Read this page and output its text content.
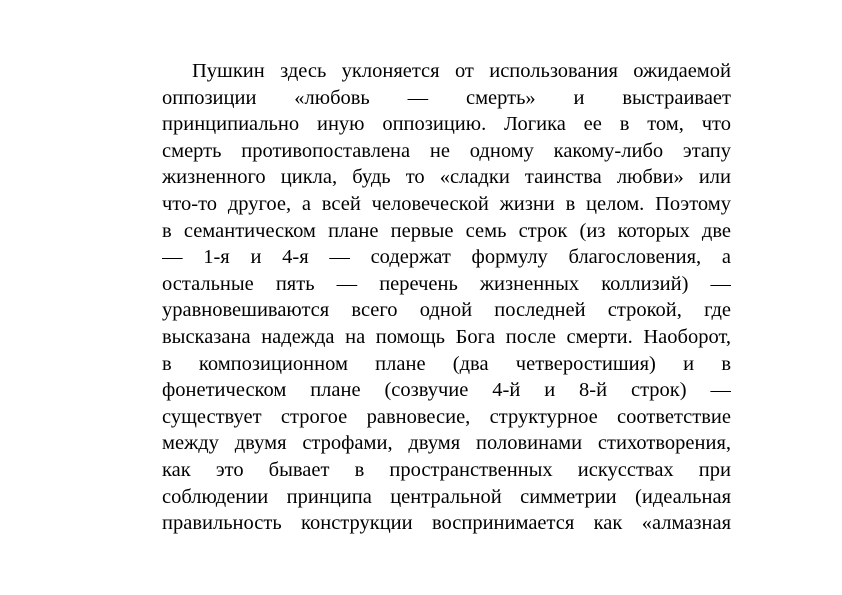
Пушкин здесь уклоняется от использования ожидаемой
оппозиции «любовь — смерть» и выстраивает
принципиально иную оппозицию. Логика ее в том, что
смерть противопоставлена не одному какому-либо этапу
жизненного цикла, будь то «сладки таинства любви» или
что-то другое, а всей человеческой жизни в целом. Поэтому
в семантическом плане первые семь строк (из которых две
— 1-я и 4-я — содержат формулу благословения, а
остальные пять — перечень жизненных коллизий) —
уравновешиваются всего одной последней строкой, где
высказана надежда на помощь Бога после смерти. Наоборот,
в композиционном плане (два четверостишия) и в
фонетическом плане (созвучие 4-й и 8-й строк) —
существует строгое равновесие, структурное соответствие
между двумя строфами, двумя половинами стихотворения,
как это бывает в пространственных искусствах при
соблюдении принципа центральной симметрии (идеальная
правильность конструкции воспринимается как «алмазная
